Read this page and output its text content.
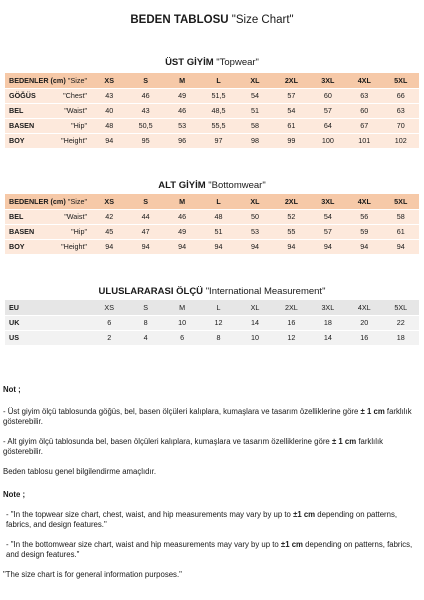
BEDEN TABLOSU "Size Chart"
ÜST GİYİM "Topwear"
BEDENLER (cm) "Size"	XS	S	M	L	XL	2XL	3XL	4XL	5XL
GÖĞÜS "Chest"	43	46	49	51,5	54	57	60	63	66
BEL "Waist"	40	43	46	48,5	51	54	57	60	63
BASEN "Hip"	48	50,5	53	55,5	58	61	64	67	70
BOY "Height"	94	95	96	97	98	99	100	101	102
ALT GİYİM "Bottomwear"
BEDENLER (cm) "Size"	XS	S	M	L	XL	2XL	3XL	4XL	5XL
BEL "Waist"	42	44	46	48	50	52	54	56	58
BASEN "Hip"	45	47	49	51	53	55	57	59	61
BOY "Height"	94	94	94	94	94	94	94	94	94
ULUSLARARASI ÖLÇÜ "International Measurement"
EU	XS	S	M	L	XL	2XL	3XL	4XL	5XL
UK	6	8	10	12	14	16	18	20	22
US	2	4	6	8	10	12	14	16	18

Not ;

- Üst giyim ölçü tablosunda göğüs, bel, basen ölçüleri kalıplara, kumaşlara ve tasarım özelliklerine göre ± 1 cm farklılık gösterebilir.

- Alt giyim ölçü tablosunda bel, basen ölçüleri kalıplara, kumaşlara ve tasarım özelliklerine göre ± 1 cm farklılık gösterebilir.

Beden tablosu genel bilgilendirme amaçlıdır.

Note ;

- "In the topwear size chart, chest, waist, and hip measurements may vary by up to ±1 cm depending on patterns, fabrics, and design features."

- "In the bottomwear size chart, waist and hip measurements may vary by up to ±1 cm depending on patterns, fabrics, and design features."

"The size chart is for general information purposes."
